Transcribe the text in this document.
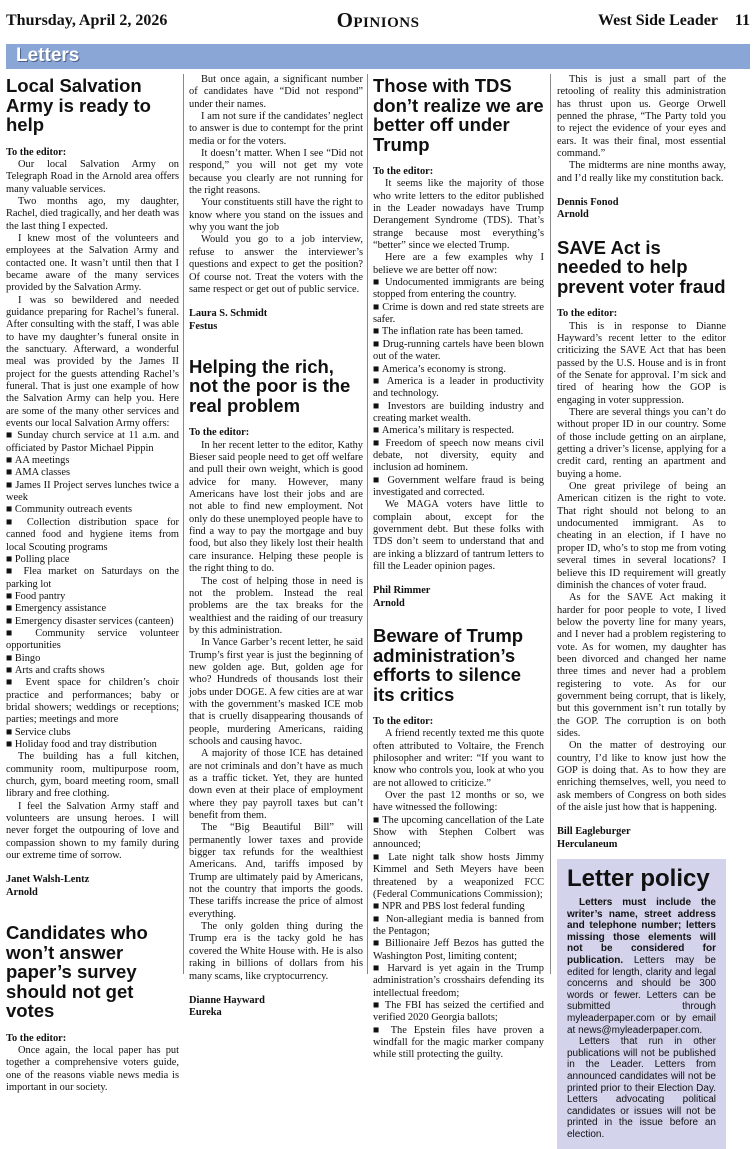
Thursday, April 2, 2026	Opinions	West Side Leader 11
Letters
Local Salvation Army is ready to help
To the editor:

Our local Salvation Army on Telegraph Road in the Arnold area offers many valuable services.

Two months ago, my daughter, Rachel, died tragically, and her death was the last thing I expected.

I knew most of the volunteers and employees at the Salvation Army and contacted one. It wasn’t until then that I became aware of the many services provided by the Salvation Army.

I was so bewildered and needed guidance preparing for Rachel’s funeral. After consulting with the staff, I was able to have my daughter’s funeral onsite in the sanctuary. Afterward, a wonderful meal was provided by the James II project for the guests attending Rachel’s funeral. That is just one example of how the Salvation Army can help you. Here are some of the many other services and events our local Salvation Army offers:

■ Sunday church service at 11 a.m. and officiated by Pastor Michael Pippin

■ AA meetings

■ AMA classes

■ James II Project serves lunches twice a week

■ Community outreach events

■ Collection distribution space for canned food and hygiene items from local Scouting programs

■ Polling place

■ Flea market on Saturdays on the parking lot

■ Food pantry

■ Emergency assistance

■ Emergency disaster services (canteen)

■ Community service volunteer opportunities

■ Bingo

■ Arts and crafts shows

■ Event space for children’s choir practice and performances; baby or bridal showers; weddings or receptions; parties; meetings and more

■ Service clubs

■ Holiday food and tray distribution

The building has a full kitchen, community room, multipurpose room, church, gym, board meeting room, small library and free clothing.

I feel the Salvation Army staff and volunteers are unsung heroes. I will never forget the outpouring of love and compassion shown to my family during our extreme time of sorrow.

Janet Walsh-Lentz
Arnold
Candidates who won’t answer paper’s survey should not get votes
To the editor:

Once again, the local paper has put together a comprehensive voters guide, one of the reasons viable news media is important in our society.

But once again, a significant number of candidates have “Did not respond” under their names.

I am not sure if the candidates’ neglect to answer is due to contempt for the print media or for the voters.

It doesn’t matter. When I see “Did not respond,” you will not get my vote because you clearly are not running for the right reasons.

Your constituents still have the right to know where you stand on the issues and why you want the job

Would you go to a job interview, refuse to answer the interviewer’s questions and expect to get the position? Of course not. Treat the voters with the same respect or get out of public service.

Laura S. Schmidt
Festus
Helping the rich, not the poor is the real problem
To the editor:

In her recent letter to the editor, Kathy Bieser said people need to get off welfare and pull their own weight, which is good advice for many. However, many Americans have lost their jobs and are not able to find new employment. Not only do these unemployed people have to find a way to pay the mortgage and buy food, but also they likely lost their health care insurance. Helping these people is the right thing to do.

The cost of helping those in need is not the problem. Instead the real problems are the tax breaks for the wealthiest and the raiding of our treasury by this administration.

In Vance Garber’s recent letter, he said Trump’s first year is just the beginning of new golden age. But, golden age for who? Hundreds of thousands lost their jobs under DOGE. A few cities are at war with the government’s masked ICE mob that is cruelly disappearing thousands of people, murdering Americans, raiding schools and causing havoc.

A majority of those ICE has detained are not criminals and don’t have as much as a traffic ticket. Yet, they are hunted down even at their place of employment where they pay payroll taxes but can’t benefit from them.

The “Big Beautiful Bill” will permanently lower taxes and provide bigger tax refunds for the wealthiest Americans. And, tariffs imposed by Trump are ultimately paid by Americans, not the country that imports the goods. These tariffs increase the price of almost everything.

The only golden thing during the Trump era is the tacky gold he has covered the White House with. He is also raking in billions of dollars from his many scams, like cryptocurrency.

Dianne Hayward
Eureka
Those with TDS don’t realize we are better off under Trump
To the editor:

It seems like the majority of those who write letters to the editor published in the Leader nowadays have Trump Derangement Syndrome (TDS). That’s strange because most everything’s “better” since we elected Trump.

Here are a few examples why I believe we are better off now:

■ Undocumented immigrants are being stopped from entering the country.

■ Crime is down and red state streets are safer.

■ The inflation rate has been tamed.

■ Drug-running cartels have been blown out of the water.

■ America’s economy is strong.

■ America is a leader in productivity and technology.

■ Investors are building industry and creating market wealth.

■ America’s military is respected.

■ Freedom of speech now means civil debate, not diversity, equity and inclusion ad hominem.

■ Government welfare fraud is being investigated and corrected.

We MAGA voters have little to complain about, except for the government debt. But these folks with TDS don’t seem to understand that and are inking a blizzard of tantrum letters to fill the Leader opinion pages.

Phil Rimmer
Arnold
Beware of Trump administration’s efforts to silence its critics
To the editor:

A friend recently texted me this quote often attributed to Voltaire, the French philosopher and writer: “If you want to know who controls you, look at who you are not allowed to criticize.”

Over the past 12 months or so, we have witnessed the following:

■ The upcoming cancellation of the Late Show with Stephen Colbert was announced;

■ Late night talk show hosts Jimmy Kimmel and Seth Meyers have been threatened by a weaponized FCC (Federal Communications Commission);

■ NPR and PBS lost federal funding

■ Non-allegiant media is banned from the Pentagon;

■ Billionaire Jeff Bezos has gutted the Washington Post, limiting content;

■ Harvard is yet again in the Trump administration’s crosshairs defending its intellectual freedom;

■ The FBI has seized the certified and verified 2020 Georgia ballots;

■ The Epstein files have proven a windfall for the magic marker company while still protecting the guilty.

This is just a small part of the retooling of reality this administration has thrust upon us. George Orwell penned the phrase, “The Party told you to reject the evidence of your eyes and ears. It was their final, most essential command.”

The midterms are nine months away, and I’d really like my constitution back.

Dennis Fonod
Arnold
SAVE Act is needed to help prevent voter fraud
To the editor:

This is in response to Dianne Hayward’s recent letter to the editor criticizing the SAVE Act that has been passed by the U.S. House and is in front of the Senate for approval. I’m sick and tired of hearing how the GOP is engaging in voter suppression.

There are several things you can’t do without proper ID in our country. Some of those include getting on an airplane, getting a driver’s license, applying for a credit card, renting an apartment and buying a home.

One great privilege of being an American citizen is the right to vote. That right should not belong to an undocumented immigrant. As to cheating in an election, if I have no proper ID, who’s to stop me from voting several times in several locations? I believe this ID requirement will greatly diminish the chances of voter fraud.

As for the SAVE Act making it harder for poor people to vote, I lived below the poverty line for many years, and I never had a problem registering to vote. As for women, my daughter has been divorced and changed her name three times and never had a problem registering to vote. As for our government being corrupt, that is likely, but this government isn’t run totally by the GOP. The corruption is on both sides.

On the matter of destroying our country, I’d like to know just how the GOP is doing that. As to how they are enriching themselves, well, you need to ask members of Congress on both sides of the aisle just how that is happening.

Bill Eagleburger
Herculaneum
Letter policy

Letters must include the writer’s name, street address and telephone number; letters missing those elements will not be considered for publication. Letters may be edited for length, clarity and legal concerns and should be 300 words or fewer. Letters can be submitted through myleaderpaper.com or by email at news@myleaderpaper.com.

Letters that run in other publications will not be published in the Leader. Letters from announced candidates will not be printed prior to their Election Day. Letters advocating political candidates or issues will not be printed in the issue before an election.
